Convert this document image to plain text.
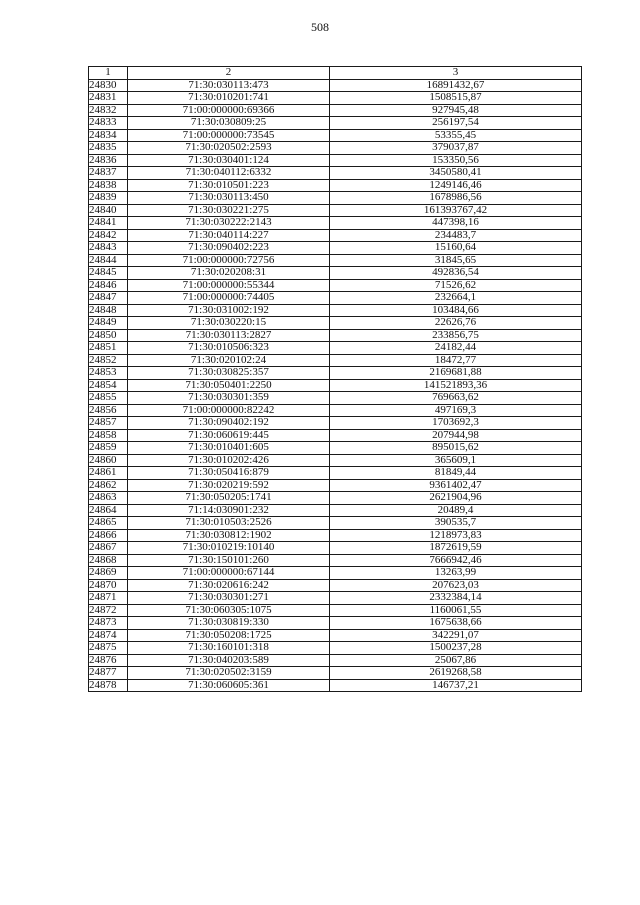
508
1	2	3
24830	71:30:030113:473	16891432,67
24831	71:30:010201:741	1508515,87
24832	71:00:000000:69366	927945,48
24833	71:30:030809:25	256197,54
24834	71:00:000000:73545	53355,45
24835	71:30:020502:2593	379037,87
24836	71:30:030401:124	153350,56
24837	71:30:040112:6332	3450580,41
24838	71:30:010501:223	1249146,46
24839	71:30:030113:450	1678986,56
24840	71:30:030221:275	161393767,42
24841	71:30:030222:2143	447398,16
24842	71:30:040114:227	234483,7
24843	71:30:090402:223	15160,64
24844	71:00:000000:72756	31845,65
24845	71:30:020208:31	492836,54
24846	71:00:000000:55344	71526,62
24847	71:00:000000:74405	232664,1
24848	71:30:031002:192	103484,66
24849	71:30:030220:15	22626,76
24850	71:30:030113:2827	233856,75
24851	71:30:010506:323	24182,44
24852	71:30:020102:24	18472,77
24853	71:30:030825:357	2169681,88
24854	71:30:050401:2250	141521893,36
24855	71:30:030301:359	769663,62
24856	71:00:000000:82242	497169,3
24857	71:30:090402:192	1703692,3
24858	71:30:060619:445	207944,98
24859	71:30:010401:605	895015,62
24860	71:30:010202:426	365609,1
24861	71:30:050416:879	81849,44
24862	71:30:020219:592	9361402,47
24863	71:30:050205:1741	2621904,96
24864	71:14:030901:232	20489,4
24865	71:30:010503:2526	390535,7
24866	71:30:030812:1902	1218973,83
24867	71:30:010219:10140	1872619,59
24868	71:30:150101:260	7666942,46
24869	71:00:000000:67144	13263,99
24870	71:30:020616:242	207623,03
24871	71:30:030301:271	2332384,14
24872	71:30:060305:1075	1160061,55
24873	71:30:030819:330	1675638,66
24874	71:30:050208:1725	342291,07
24875	71:30:160101:318	1500237,28
24876	71:30:040203:589	25067,86
24877	71:30:020502:3159	2619268,58
24878	71:30:060605:361	146737,21
